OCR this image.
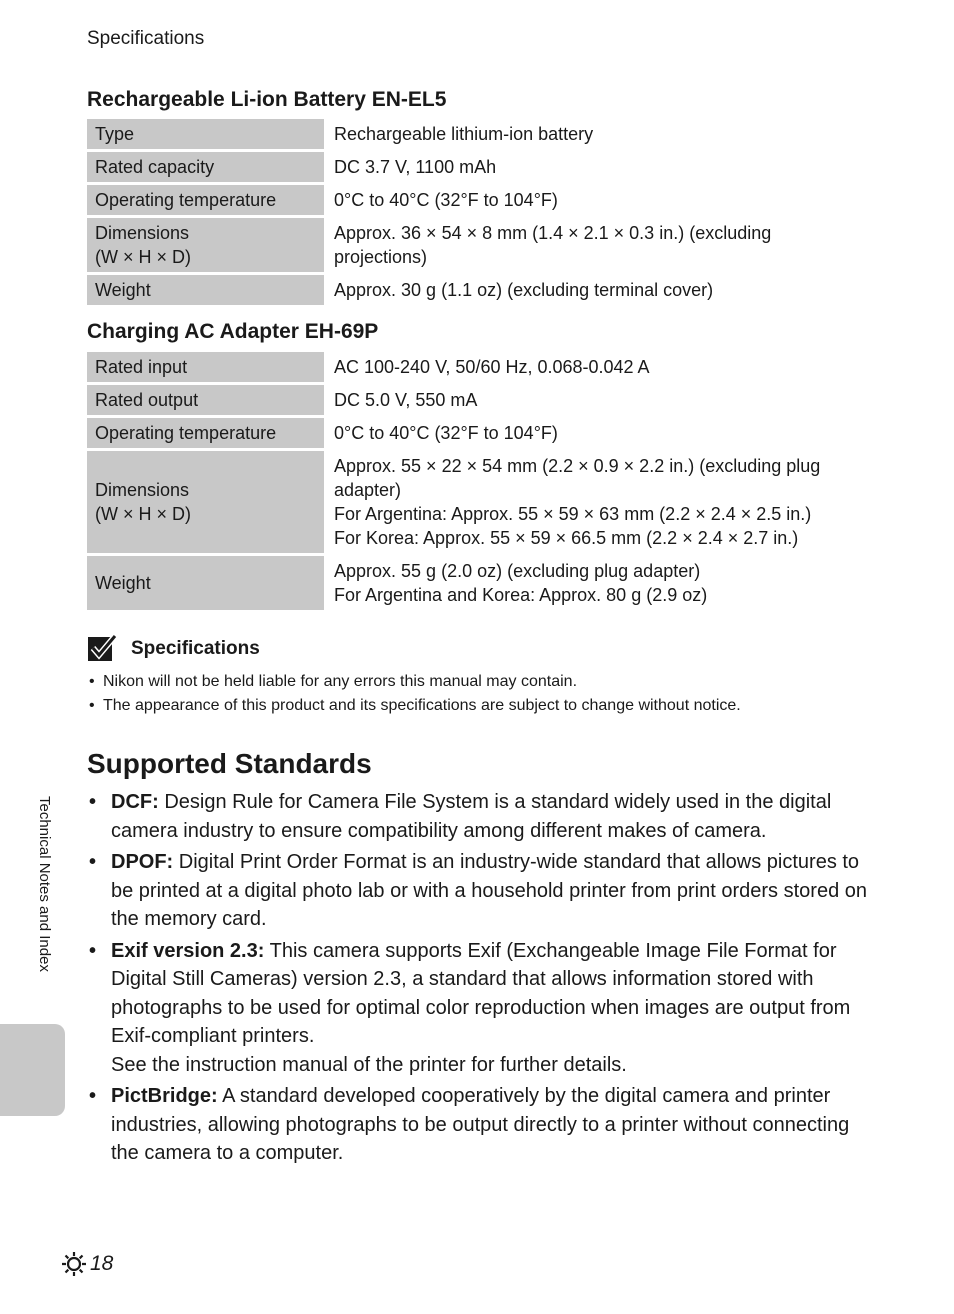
Specifications
Rechargeable Li-ion Battery EN-EL5
Type	Rechargeable lithium-ion battery
Rated capacity	DC 3.7 V, 1100 mAh
Operating temperature	0°C to 40°C (32°F to 104°F)
Dimensions
(W × H × D)	Approx. 36 × 54 × 8 mm (1.4 × 2.1 × 0.3 in.) (excluding projections)
Weight	Approx. 30 g (1.1 oz) (excluding terminal cover)
Charging AC Adapter EH-69P
Rated input	AC 100-240 V, 50/60 Hz, 0.068-0.042 A
Rated output	DC 5.0 V, 550 mA
Operating temperature	0°C to 40°C (32°F to 104°F)
Dimensions
(W × H × D)	Approx. 55 × 22 × 54 mm (2.2 × 0.9 × 2.2 in.) (excluding plug adapter)
For Argentina: Approx. 55 × 59 × 63 mm (2.2 × 2.4 × 2.5 in.)
For Korea: Approx. 55 × 59 × 66.5 mm (2.2 × 2.4 × 2.7 in.)
Weight	Approx. 55 g (2.0 oz) (excluding plug adapter)
For Argentina and Korea: Approx. 80 g (2.9 oz)
Specifications
• Nikon will not be held liable for any errors this manual may contain.
• The appearance of this product and its specifications are subject to change without notice.
Supported Standards
• DCF: Design Rule for Camera File System is a standard widely used in the digital camera industry to ensure compatibility among different makes of camera.
• DPOF: Digital Print Order Format is an industry-wide standard that allows pictures to be printed at a digital photo lab or with a household printer from print orders stored on the memory card.
• Exif version 2.3: This camera supports Exif (Exchangeable Image File Format for Digital Still Cameras) version 2.3, a standard that allows information stored with photographs to be used for optimal color reproduction when images are output from Exif-compliant printers.
See the instruction manual of the printer for further details.
• PictBridge: A standard developed cooperatively by the digital camera and printer industries, allowing photographs to be output directly to a printer without connecting the camera to a computer.
Technical Notes and Index
18
